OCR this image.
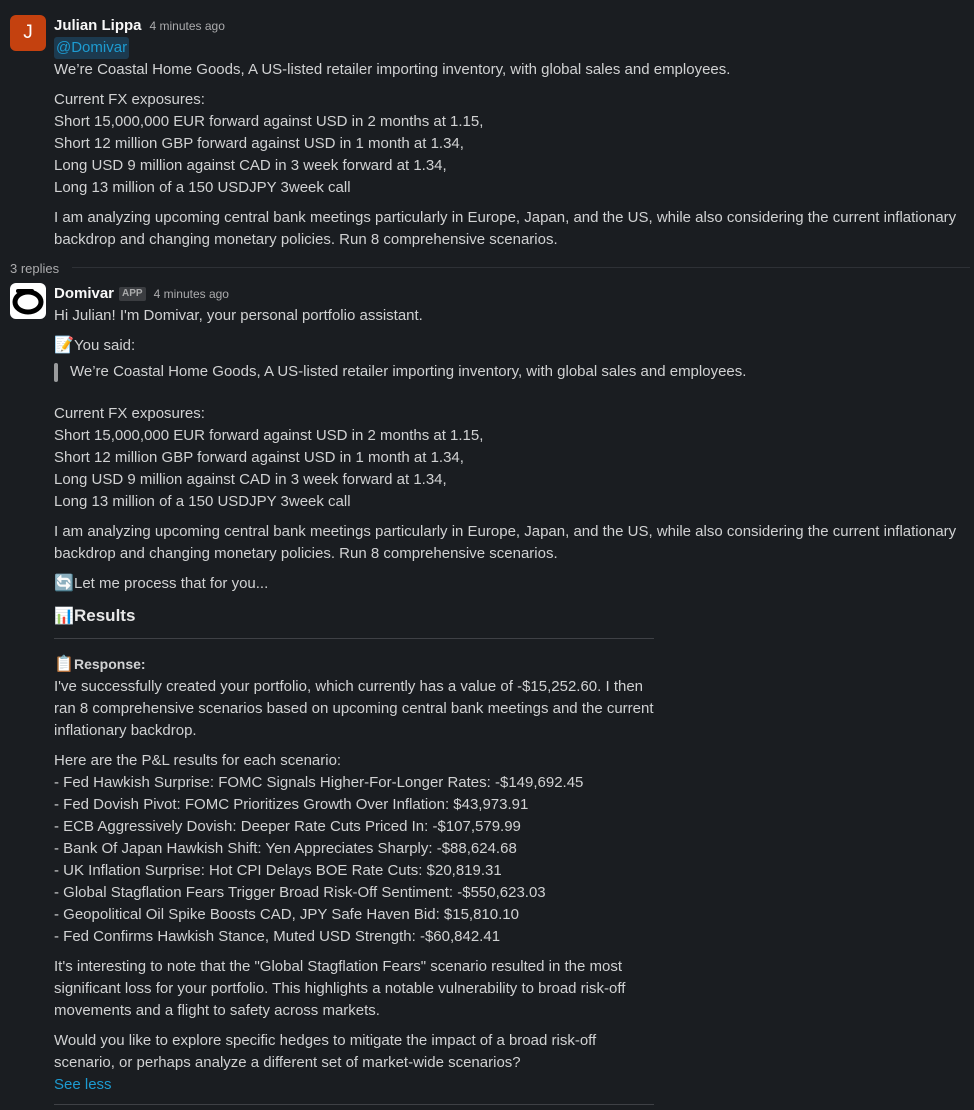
J Julian Lippa 4 minutes ago
@Domivar
We’re Coastal Home Goods, A US-listed retailer importing inventory, with global sales and employees.
Current FX exposures:
Short 15,000,000 EUR forward against USD in 2 months at 1.15,
Short 12 million GBP forward against USD in 1 month at 1.34,
Long USD 9 million against CAD in 3 week forward at 1.34,
Long 13 million of a 150 USDJPY 3week call
I am analyzing upcoming central bank meetings particularly in Europe, Japan, and the US, while also considering the current inflationary
backdrop and changing monetary policies. Run 8 comprehensive scenarios.
3 replies
Domivar APP 4 minutes ago
Hi Julian! I'm Domivar, your personal portfolio assistant.
📝You said:
We’re Coastal Home Goods, A US-listed retailer importing inventory, with global sales and employees.
Current FX exposures:
Short 15,000,000 EUR forward against USD in 2 months at 1.15,
Short 12 million GBP forward against USD in 1 month at 1.34,
Long USD 9 million against CAD in 3 week forward at 1.34,
Long 13 million of a 150 USDJPY 3week call
I am analyzing upcoming central bank meetings particularly in Europe, Japan, and the US, while also considering the current inflationary
backdrop and changing monetary policies. Run 8 comprehensive scenarios.
🔄Let me process that for you...
📊Results
📋Response:
I've successfully created your portfolio, which currently has a value of -$15,252.60. I then
ran 8 comprehensive scenarios based on upcoming central bank meetings and the current
inflationary backdrop.
Here are the P&L results for each scenario:
- Fed Hawkish Surprise: FOMC Signals Higher-For-Longer Rates: -$149,692.45
- Fed Dovish Pivot: FOMC Prioritizes Growth Over Inflation: $43,973.91
- ECB Aggressively Dovish: Deeper Rate Cuts Priced In: -$107,579.99
- Bank Of Japan Hawkish Shift: Yen Appreciates Sharply: -$88,624.68
- UK Inflation Surprise: Hot CPI Delays BOE Rate Cuts: $20,819.31
- Global Stagflation Fears Trigger Broad Risk-Off Sentiment: -$550,623.03
- Geopolitical Oil Spike Boosts CAD, JPY Safe Haven Bid: $15,810.10
- Fed Confirms Hawkish Stance, Muted USD Strength: -$60,842.41
It's interesting to note that the "Global Stagflation Fears" scenario resulted in the most
significant loss for your portfolio. This highlights a notable vulnerability to broad risk-off
movements and a flight to safety across markets.
Would you like to explore specific hedges to mitigate the impact of a broad risk-off
scenario, or perhaps analyze a different set of market-wide scenarios?
See less
